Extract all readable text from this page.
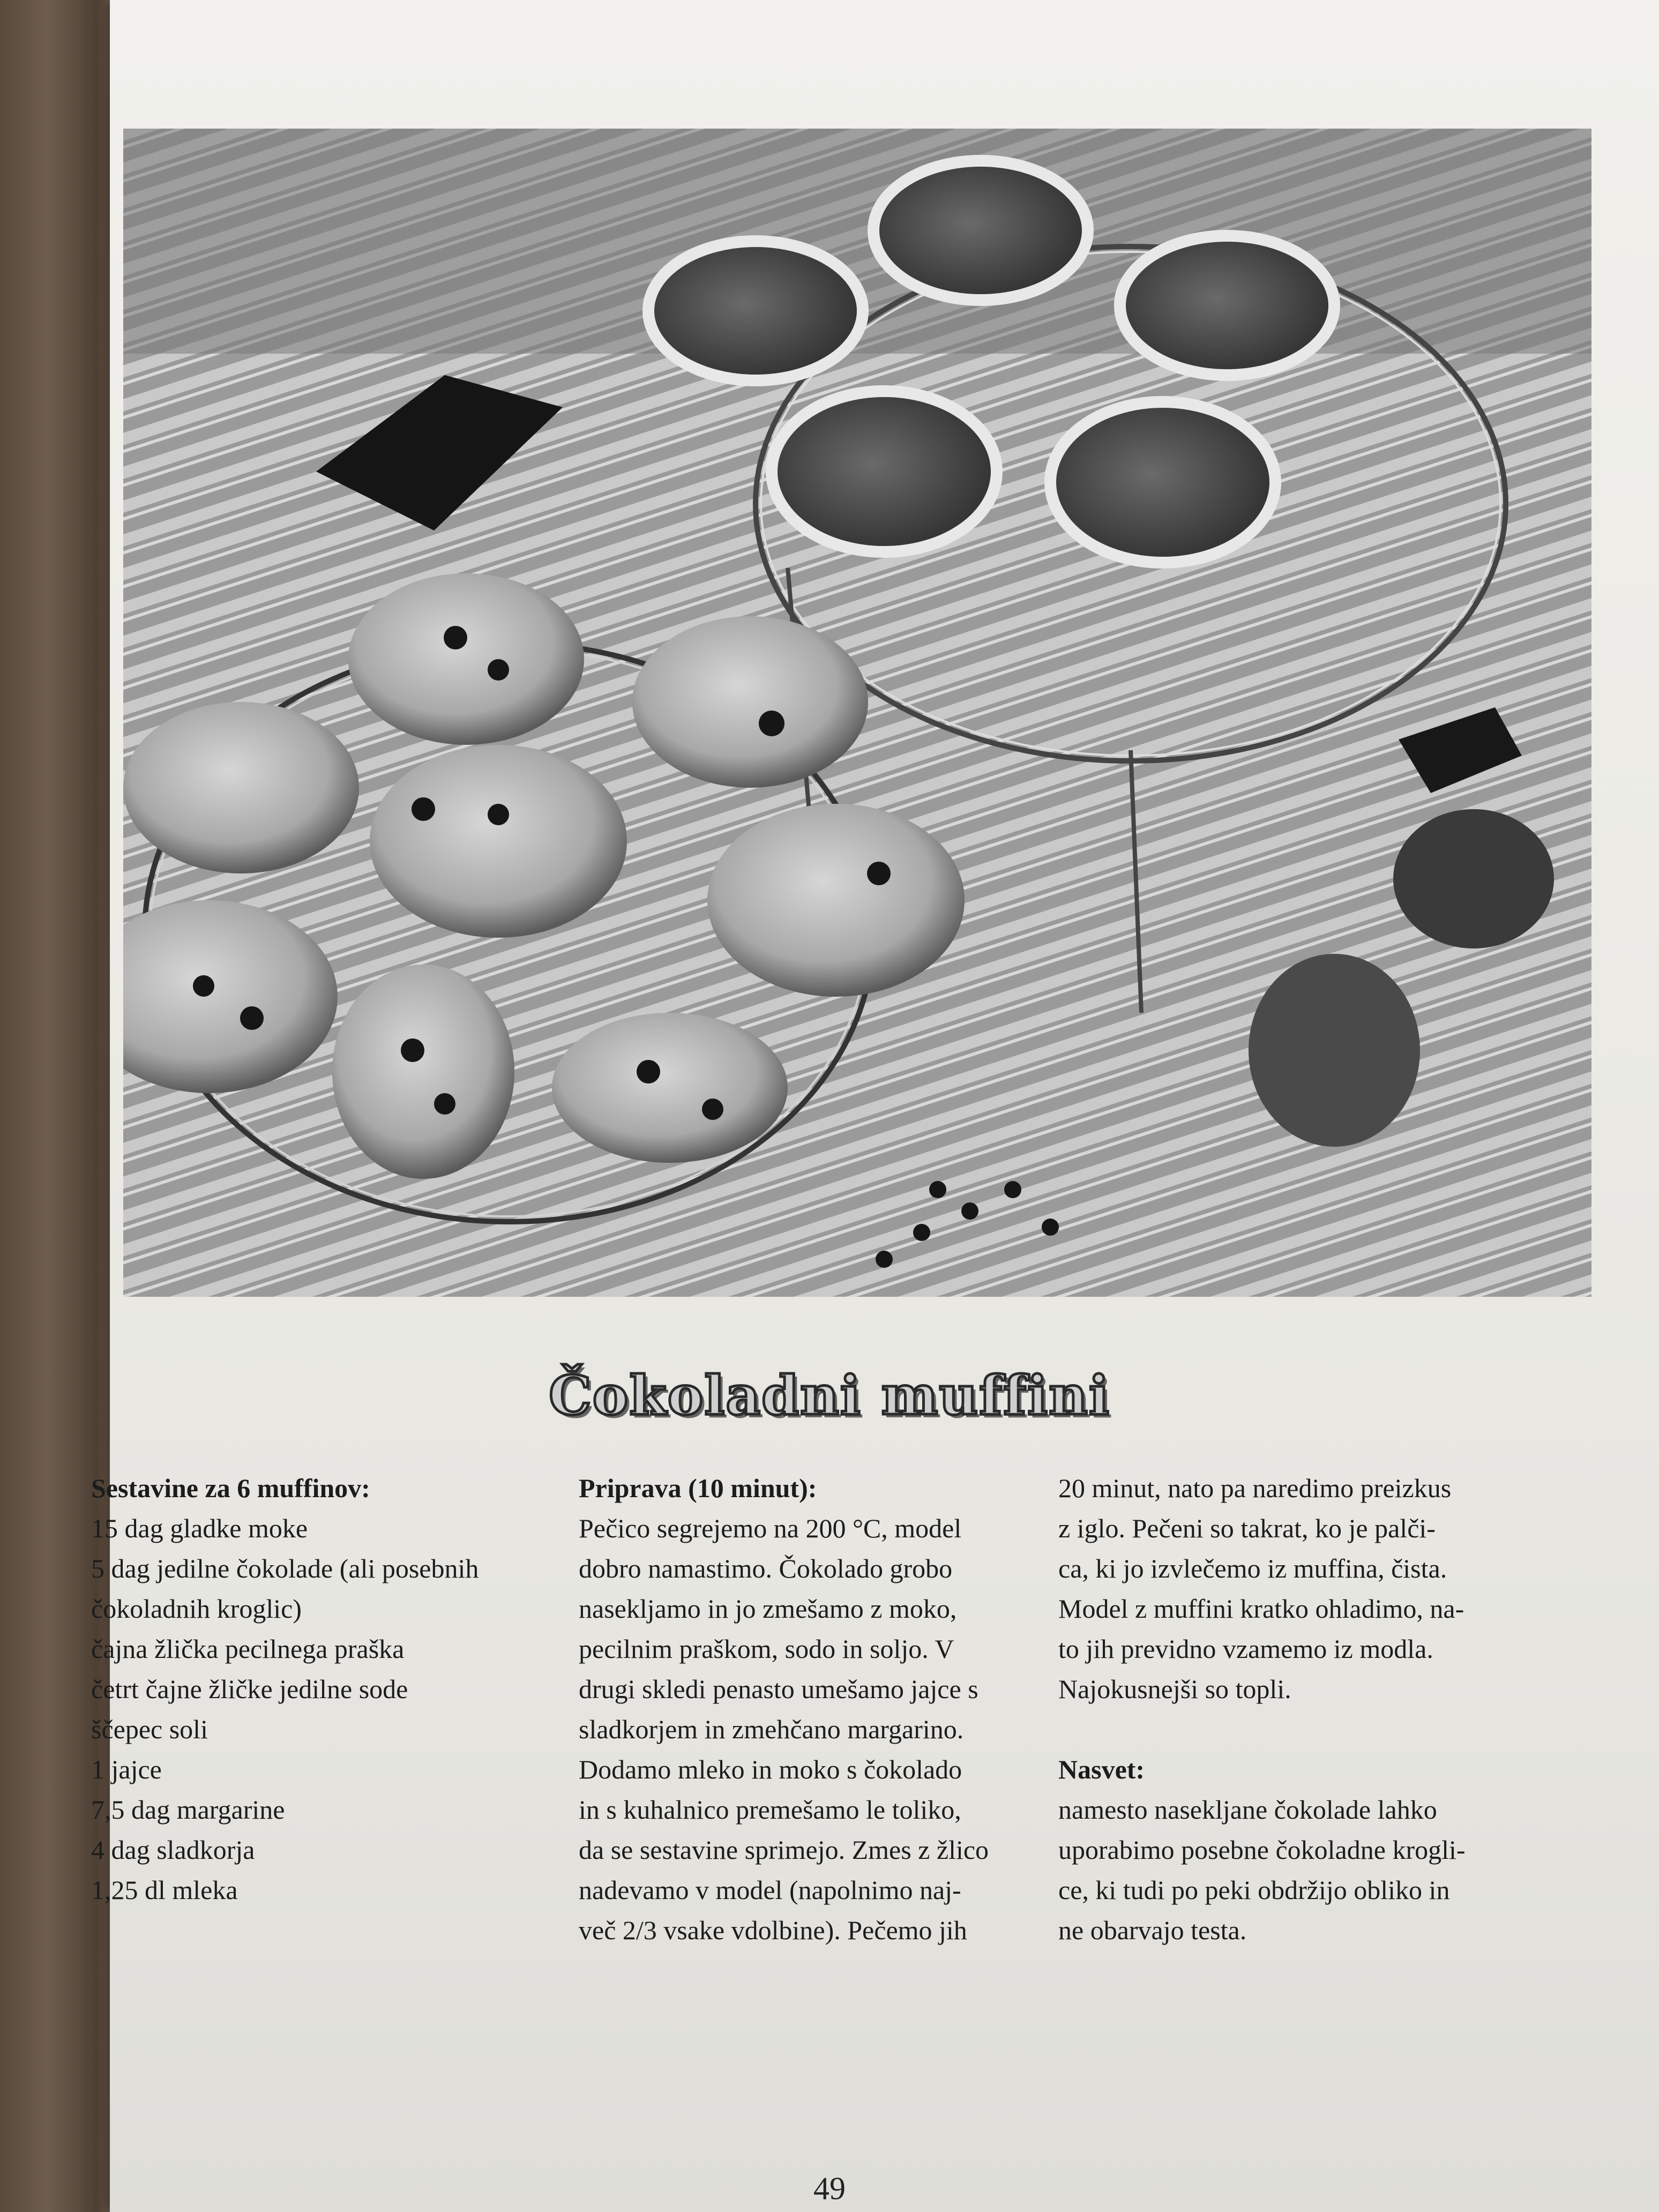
Čokoladni muffini

Sestavine za 6 muffinov:

15 dag gladke moke

5 dag jedilne čokolade (ali posebnih

čokoladnih kroglic)

čajna žlička pecilnega praška

četrt čajne žličke jedilne sode

ščepec soli

1 jajce

7,5 dag margarine

4 dag sladkorja

1,25 dl mleka

Priprava (10 minut):

Pečico segrejemo na 200 °C, model

dobro namastimo. Čokolado grobo

nasekljamo in jo zmešamo z moko,

pecilnim praškom, sodo in soljo. V

drugi skledi penasto umešamo jajce s

sladkorjem in zmehčano margarino.

Dodamo mleko in moko s čokolado

in s kuhalnico premešamo le toliko,

da se sestavine sprimejo. Zmes z žlico

nadevamo v model (napolnimo naj-

več 2/3 vsake vdolbine). Pečemo jih

20 minut, nato pa naredimo preizkus

z iglo. Pečeni so takrat, ko je palči-

ca, ki jo izvlečemo iz muffina, čista.

Model z muffini kratko ohladimo, na-

to jih previdno vzamemo iz modla.

Najokusnejši so topli.

Nasvet:

namesto nasekljane čokolade lahko

uporabimo posebne čokoladne krogli-

ce, ki tudi po peki obdržijo obliko in

ne obarvajo testa.

49
